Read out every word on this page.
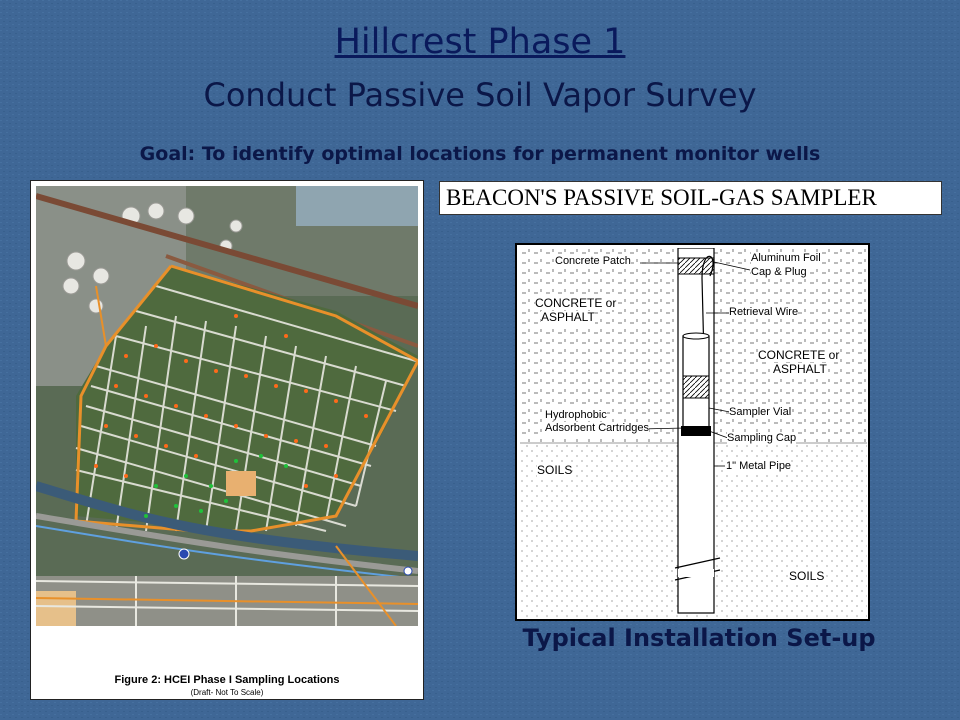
Hillcrest Phase 1
Conduct Passive Soil Vapor Survey
Goal: To identify optimal locations for permanent monitor wells
Figure 2: HCEI Phase I Sampling Locations
(Draft- Not To Scale)
BEACON'S PASSIVE SOIL-GAS SAMPLER
Concrete Patch	Aluminum Foil
Cap & Plug
CONCRETE or
ASPHALT	Retrieval Wire
CONCRETE or
ASPHALT
Hydrophobic
Adsorbent Cartridges
Sampler Vial
Sampling Cap
SOILS	1" Metal Pipe
SOILS
Typical Installation Set-up
